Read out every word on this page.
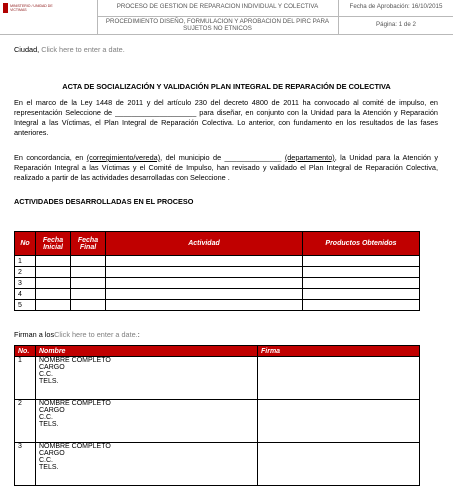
MINISTERIO / UNIDAD DE VICTIMAS	PROCESO DE GESTION DE REPARACION INDIVIDUAL Y COLECTIVA	Fecha de Aprobación: 16/10/2015
PROCEDIMIENTO DISEÑO, FORMULACION Y APROBACION DEL PIRC PARA SUJETOS NO ETNICOS
Página: 1 de 2
Ciudad, Click here to enter a date.
ACTA DE SOCIALIZACIÓN Y VALIDACIÓN PLAN INTEGRAL DE REPARACIÓN DE COLECTIVA
En el marco de la Ley 1448 de 2011 y del artículo 230 del decreto 4800 de 2011 ha convocado al comité de impulso, en representación Seleccione de ____________________ para diseñar, en conjunto con la Unidad para la Atención y Reparación Integral a las Víctimas, el Plan Integral de Reparación Colectiva. Lo anterior, con fundamento en los resultados de las fases anteriores.
En concordancia, en (corregimiento/vereda), del municipio de ______________ (departamento), la Unidad para la Atención y Reparación Integral a las Víctimas y el Comité de Impulso, han revisado y validado el Plan Integral de Reparación Colectiva, realizado a partir de las actividades desarrolladas con Seleccione .
ACTIVIDADES DESARROLLADAS EN EL PROCESO
No	Fecha Inicial	Fecha Final	Actividad	Productos Obtenidos
1				
2				
3				
4				
5				
Firman a losClick here to enter a date.:
No.	Nombre	Firma
1	NOMBRE COMPLETO
CARGO
C.C.
TELS.	

2	NOMBRE COMPLETO
CARGO
C.C.
TELS.	

3	NOMBRE COMPLETO
CARGO
C.C.
TELS.	
